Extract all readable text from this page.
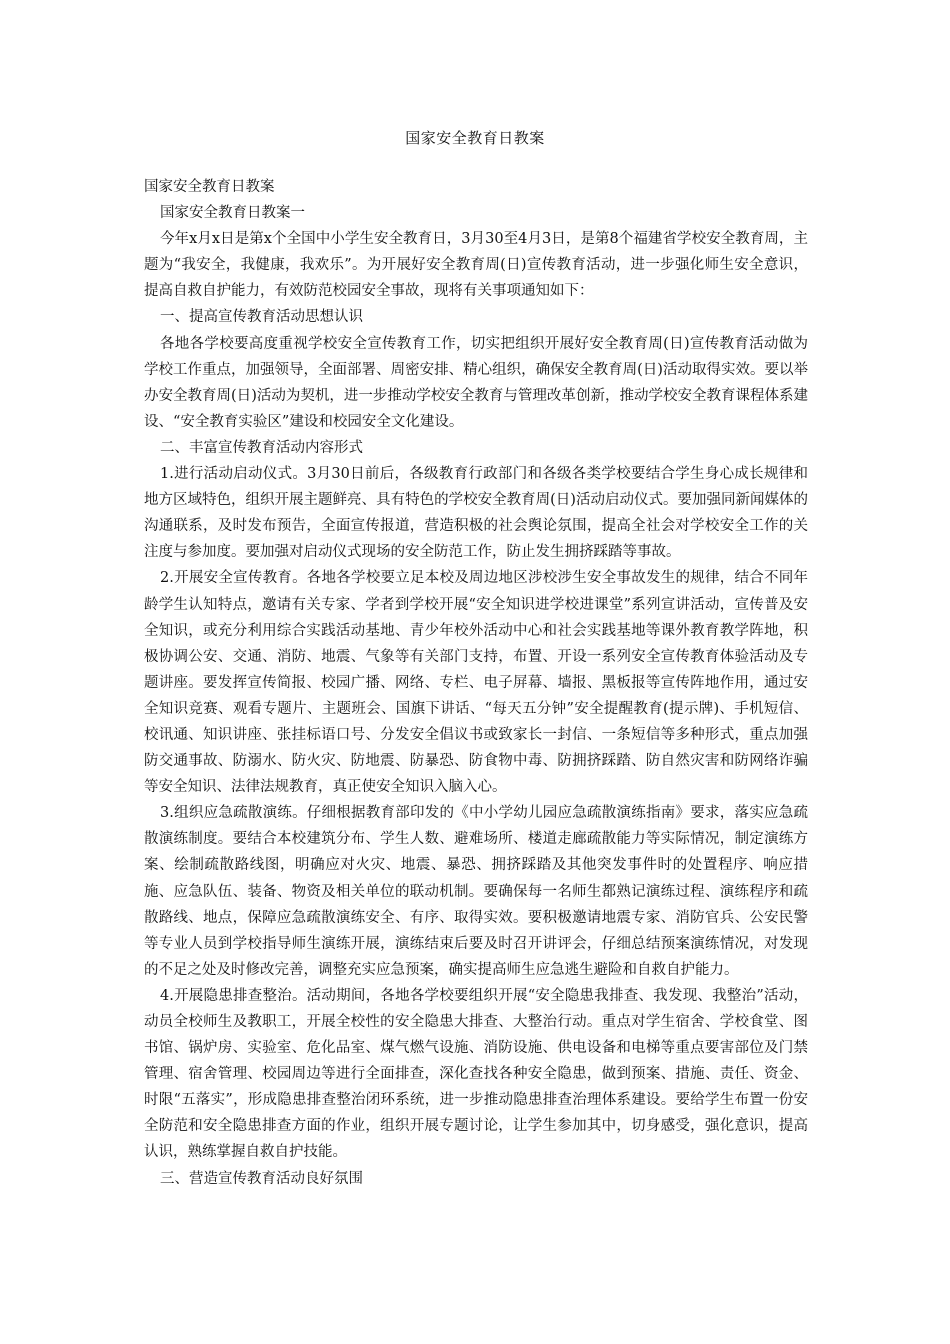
国家安全教育日教案

国家安全教育日教案

国家安全教育日教案一

今年x月x日是第x个全国中小学生安全教育日，3月30至4月3日，是第8个福建省学校安全教育周，主题为“我安全，我健康，我欢乐”。为开展好安全教育周(日)宣传教育活动，进一步强化师生安全意识，提高自救自护能力，有效防范校园安全事故，现将有关事项通知如下：

一、提高宣传教育活动思想认识

各地各学校要高度重视学校安全宣传教育工作，切实把组织开展好安全教育周(日)宣传教育活动做为学校工作重点，加强领导，全面部署、周密安排、精心组织，确保安全教育周(日)活动取得实效。要以举办安全教育周(日)活动为契机，进一步推动学校安全教育与管理改革创新，推动学校安全教育课程体系建设、“安全教育实验区”建设和校园安全文化建设。

二、丰富宣传教育活动内容形式

1.进行活动启动仪式。3月30日前后，各级教育行政部门和各级各类学校要结合学生身心成长规律和地方区域特色，组织开展主题鲜亮、具有特色的学校安全教育周(日)活动启动仪式。要加强同新闻媒体的沟通联系，及时发布预告，全面宣传报道，营造积极的社会舆论氛围，提高全社会对学校安全工作的关注度与参加度。要加强对启动仪式现场的安全防范工作，防止发生拥挤踩踏等事故。

2.开展安全宣传教育。各地各学校要立足本校及周边地区涉校涉生安全事故发生的规律，结合不同年龄学生认知特点，邀请有关专家、学者到学校开展“安全知识进学校进课堂”系列宣讲活动，宣传普及安全知识，或充分利用综合实践活动基地、青少年校外活动中心和社会实践基地等课外教育教学阵地，积极协调公安、交通、消防、地震、气象等有关部门支持，布置、开设一系列安全宣传教育体验活动及专题讲座。要发挥宣传简报、校园广播、网络、专栏、电子屏幕、墙报、黑板报等宣传阵地作用，通过安全知识竞赛、观看专题片、主题班会、国旗下讲话、“每天五分钟”安全提醒教育(提示牌)、手机短信、校讯通、知识讲座、张挂标语口号、分发安全倡议书或致家长一封信、一条短信等多种形式，重点加强防交通事故、防溺水、防火灾、防地震、防暴恐、防食物中毒、防拥挤踩踏、防自然灾害和防网络诈骗等安全知识、法律法规教育，真正使安全知识入脑入心。

3.组织应急疏散演练。仔细根据教育部印发的《中小学幼儿园应急疏散演练指南》要求，落实应急疏散演练制度。要结合本校建筑分布、学生人数、避难场所、楼道走廊疏散能力等实际情况，制定演练方案、绘制疏散路线图，明确应对火灾、地震、暴恐、拥挤踩踏及其他突发事件时的处置程序、响应措施、应急队伍、装备、物资及相关单位的联动机制。要确保每一名师生都熟记演练过程、演练程序和疏散路线、地点，保障应急疏散演练安全、有序、取得实效。要积极邀请地震专家、消防官兵、公安民警等专业人员到学校指导师生演练开展，演练结束后要及时召开讲评会，仔细总结预案演练情况，对发现的不足之处及时修改完善，调整充实应急预案，确实提高师生应急逃生避险和自救自护能力。

4.开展隐患排查整治。活动期间，各地各学校要组织开展“安全隐患我排查、我发现、我整治”活动，动员全校师生及教职工，开展全校性的安全隐患大排查、大整治行动。重点对学生宿舍、学校食堂、图书馆、锅炉房、实验室、危化品室、煤气燃气设施、消防设施、供电设备和电梯等重点要害部位及门禁管理、宿舍管理、校园周边等进行全面排查，深化查找各种安全隐患，做到预案、措施、责任、资金、时限“五落实”，形成隐患排查整治闭环系统，进一步推动隐患排查治理体系建设。要给学生布置一份安全防范和安全隐患排查方面的作业，组织开展专题讨论，让学生参加其中，切身感受，强化意识，提高认识，熟练掌握自救自护技能。

三、营造宣传教育活动良好氛围
